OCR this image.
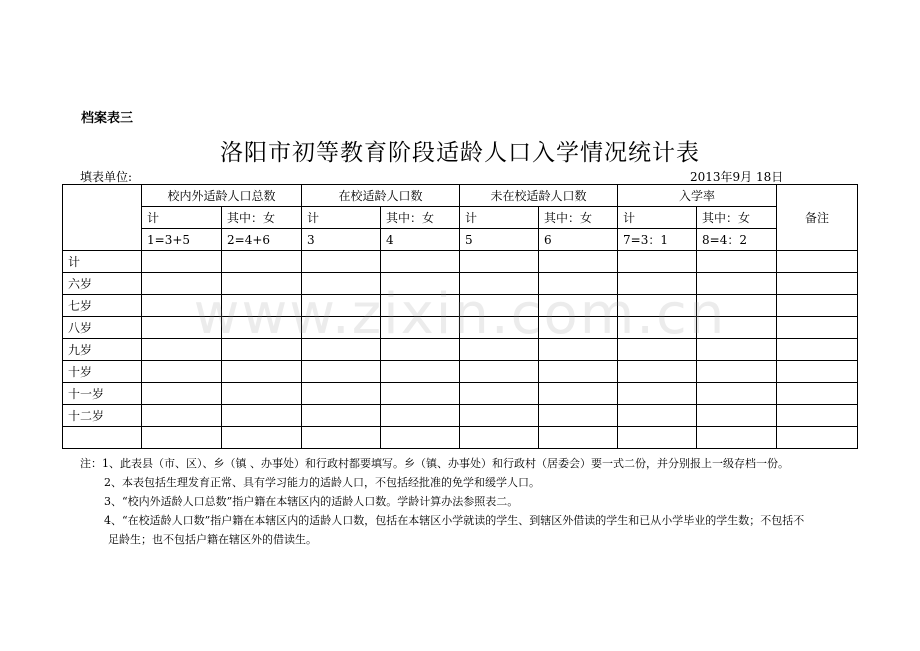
档案表三
洛阳市初等教育阶段适龄人口入学情况统计表
填表单位:	2013年9月 18日
	校内外适龄人口总数		在校适龄人口数		未在校适龄人口数		入学率		备注
	计	其中：女	计	其中：女	计	其中：女	计	其中：女	
	1=3+5	2=4+6	3	4	5	6	7=3：1	8=4：2	
计									
六岁									
七岁									
八岁									
九岁									
十岁									
十一岁									
十二岁									

www.zixin.com.cn

注：1、此表县（市、区）、乡（镇 、办事处）和行政村都要填写。乡（镇、办事处）和行政村（居委会）要一式二份，并分别报上一级存档一份。

2、本表包括生理发育正常、具有学习能力的适龄人口，不包括经批准的免学和缓学人口。

3、“校内外适龄人口总数”指户籍在本辖区内的适龄人口数。学龄计算办法参照表二。

4、“在校适龄人口数”指户籍在本辖区内的适龄人口数，包括在本辖区小学就读的学生、到辖区外借读的学生和已从小学毕业的学生数；不包括不

足龄生；也不包括户籍在辖区外的借读生。
